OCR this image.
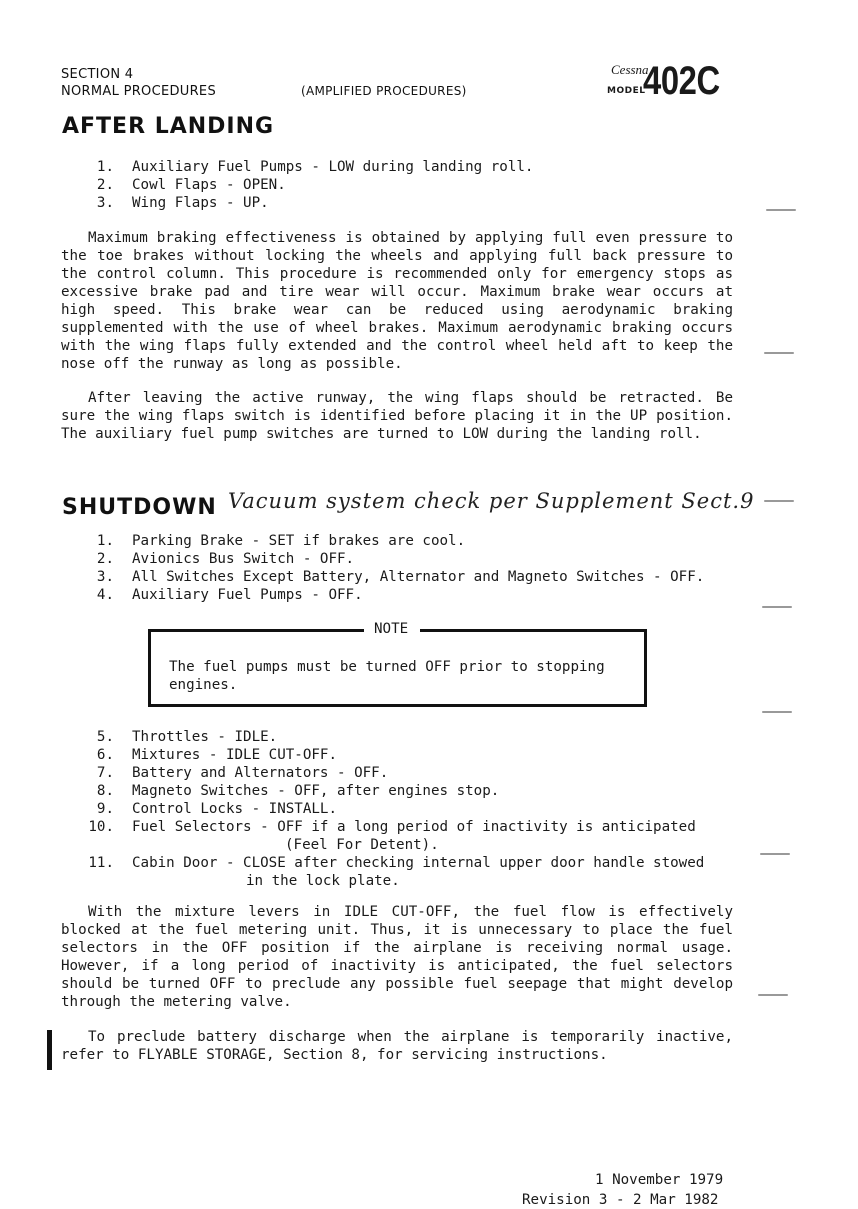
SECTION 4
NORMAL PROCEDURES	(AMPLIFIED PROCEDURES)
Cessna
MODEL
402C
AFTER LANDING
1. Auxiliary Fuel Pumps - LOW during landing roll.
2. Cowl Flaps - OPEN.
3. Wing Flaps - UP.
Maximum braking effectiveness is obtained by applying full even pressure to the toe brakes without locking the wheels and applying full back pressure to the control column. This procedure is recommended only for emergency stops as excessive brake pad and tire wear will occur. Maximum brake wear occurs at high speed. This brake wear can be reduced using aerodynamic braking supplemented with the use of wheel brakes. Maximum aerodynamic braking occurs with the wing flaps fully extended and the control wheel held aft to keep the nose off the runway as long as possible.
After leaving the active runway, the wing flaps should be retracted. Be sure the wing flaps switch is identified before placing it in the UP position. The auxiliary fuel pump switches are turned to LOW during the landing roll.
SHUTDOWN Vacuum system check per Supplement Sect.9
1. Parking Brake - SET if brakes are cool.
2. Avionics Bus Switch - OFF.
3. All Switches Except Battery, Alternator and Magneto Switches - OFF.
4. Auxiliary Fuel Pumps - OFF.
NOTE
The fuel pumps must be turned OFF prior to stopping
engines.
5. Throttles - IDLE.
6. Mixtures - IDLE CUT-OFF.
7. Battery and Alternators - OFF.
8. Magneto Switches - OFF, after engines stop.
9. Control Locks - INSTALL.
10. Fuel Selectors - OFF if a long period of inactivity is anticipated
(Feel For Detent).
11. Cabin Door - CLOSE after checking internal upper door handle stowed
in the lock plate.
With the mixture levers in IDLE CUT-OFF, the fuel flow is effectively blocked at the fuel metering unit. Thus, it is unnecessary to place the fuel selectors in the OFF position if the airplane is receiving normal usage. However, if a long period of inactivity is anticipated, the fuel selectors should be turned OFF to preclude any possible fuel seepage that might develop through the metering valve.
To preclude battery discharge when the airplane is temporarily inactive, refer to FLYABLE STORAGE, Section 8, for servicing instructions.
1 November 1979
Revision 3 - 2 Mar 1982
